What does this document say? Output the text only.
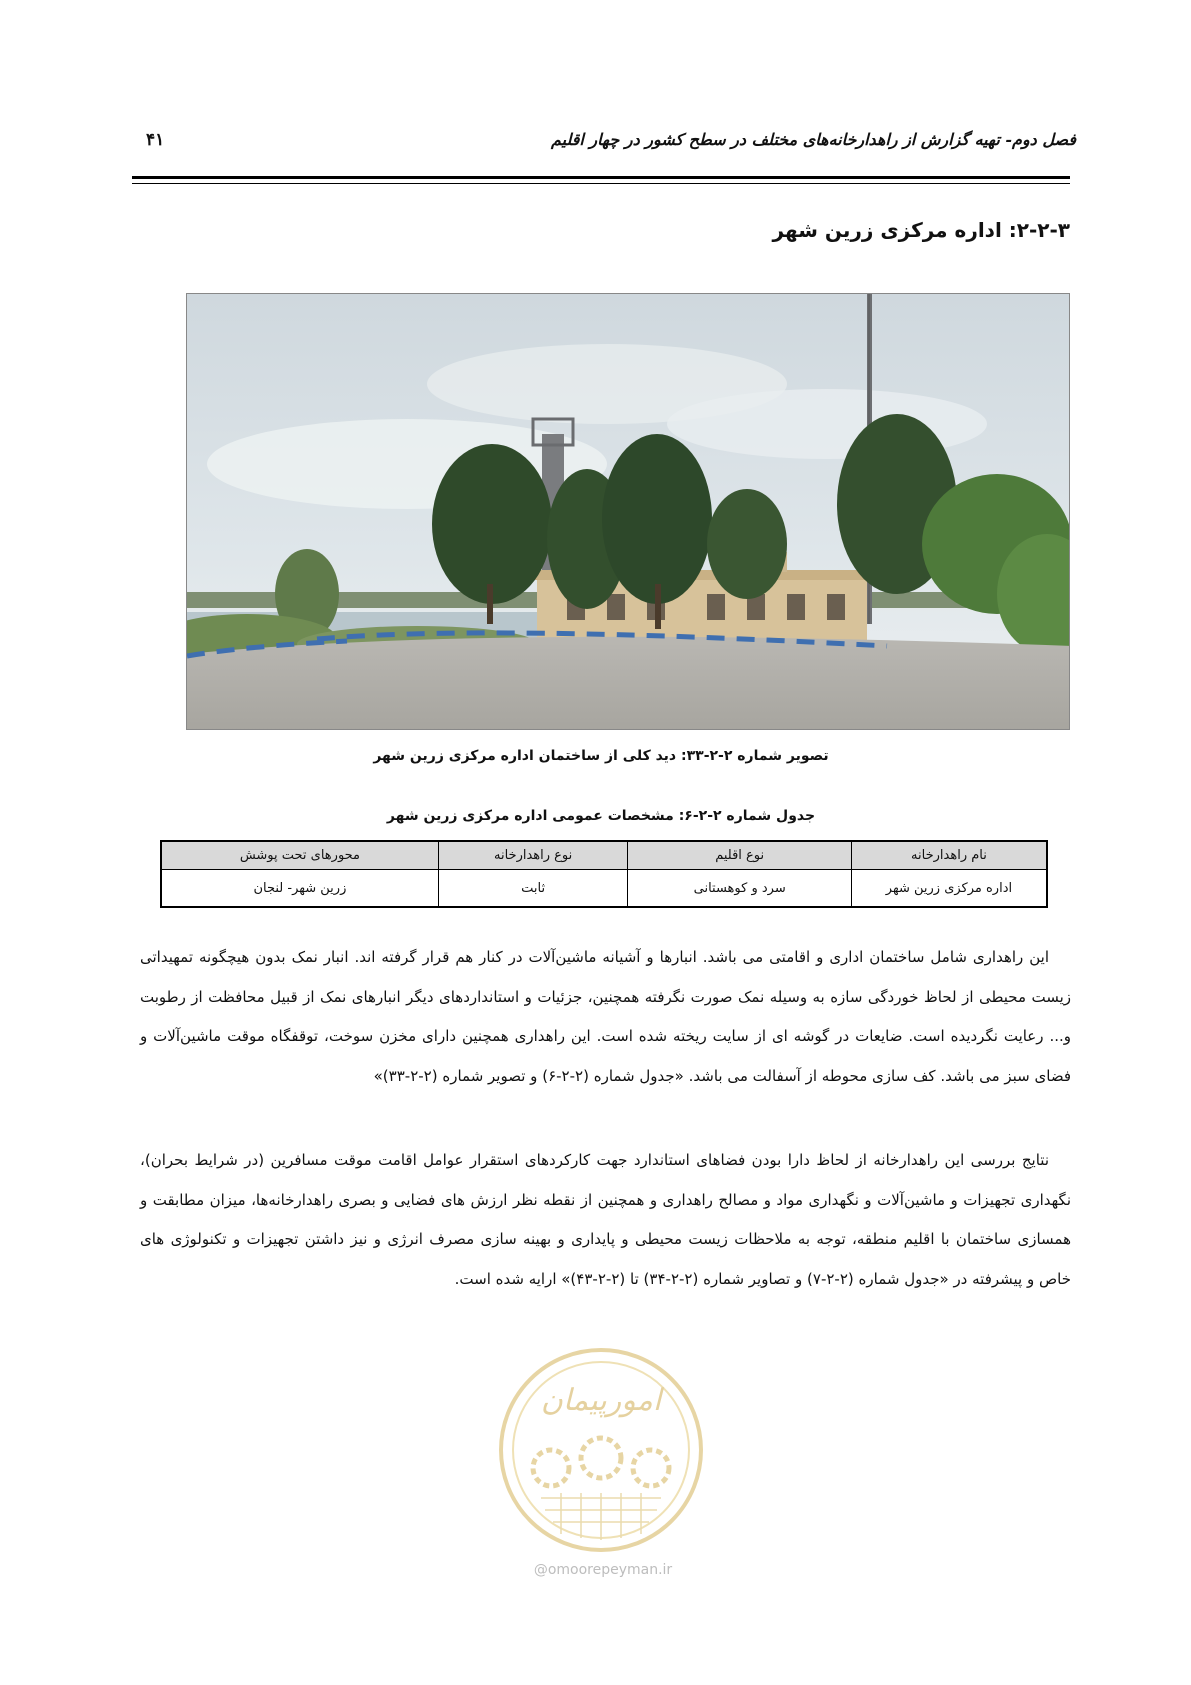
فصل دوم- تهیه گزارش از راهدارخانه‌های مختلف در سطح کشور در چهار اقلیم
۴۱
۲-۲-۳: اداره مرکزی زرین شهر
تصویر شماره ۲-۲-۳۳: دید کلی از ساختمان اداره مرکزی زرین شهر
جدول شماره ۲-۲-۶: مشخصات عمومی اداره مرکزی زرین شهر
نام راهدارخانه	نوع اقلیم	نوع راهدارخانه	محورهای تحت پوشش
اداره مرکزی زرین شهر	سرد و کوهستانی	ثابت	زرین شهر- لنجان

این راهداری شامل ساختمان اداری و اقامتی می باشد. انبارها و آشیانه ماشین‌آلات در کنار هم قرار گرفته اند. انبار نمک بدون هیچگونه تمهیداتی زیست محیطی از لحاظ خوردگی سازه به وسیله نمک صورت نگرفته همچنین، جزئیات و استانداردهای دیگر انبارهای نمک از قبیل محافظت از رطوبت و... رعایت نگردیده است. ضایعات در گوشه ای از سایت ریخته شده است. این راهداری همچنین دارای مخزن سوخت، توقفگاه موقت ماشین‌آلات و فضای سبز می باشد. کف سازی محوطه از آسفالت می باشد. «جدول شماره (۲-۲-۶) و تصویر شماره (۲-۲-۳۳)»

نتایج بررسی این راهدارخانه از لحاظ دارا بودن فضاهای استاندارد جهت کارکردهای استقرار عوامل اقامت موقت مسافرین (در شرایط بحران)، نگهداری تجهیزات و ماشین‌آلات و نگهداری مواد و مصالح راهداری و همچنین از نقطه نظر ارزش های فضایی و بصری راهدارخانه‌ها، میزان مطابقت و همسازی ساختمان با اقلیم منطقه، توجه به ملاحظات زیست محیطی و پایداری و بهینه سازی مصرف انرژی و نیز داشتن تجهیزات و تکنولوژی های خاص و پیشرفته در «جدول شماره (۲-۲-۷) و تصاویر شماره (۲-۲-۳۴) تا (۲-۲-۴۳)» ارایه شده است.

امورپیمان
@omoorepeyman.ir
